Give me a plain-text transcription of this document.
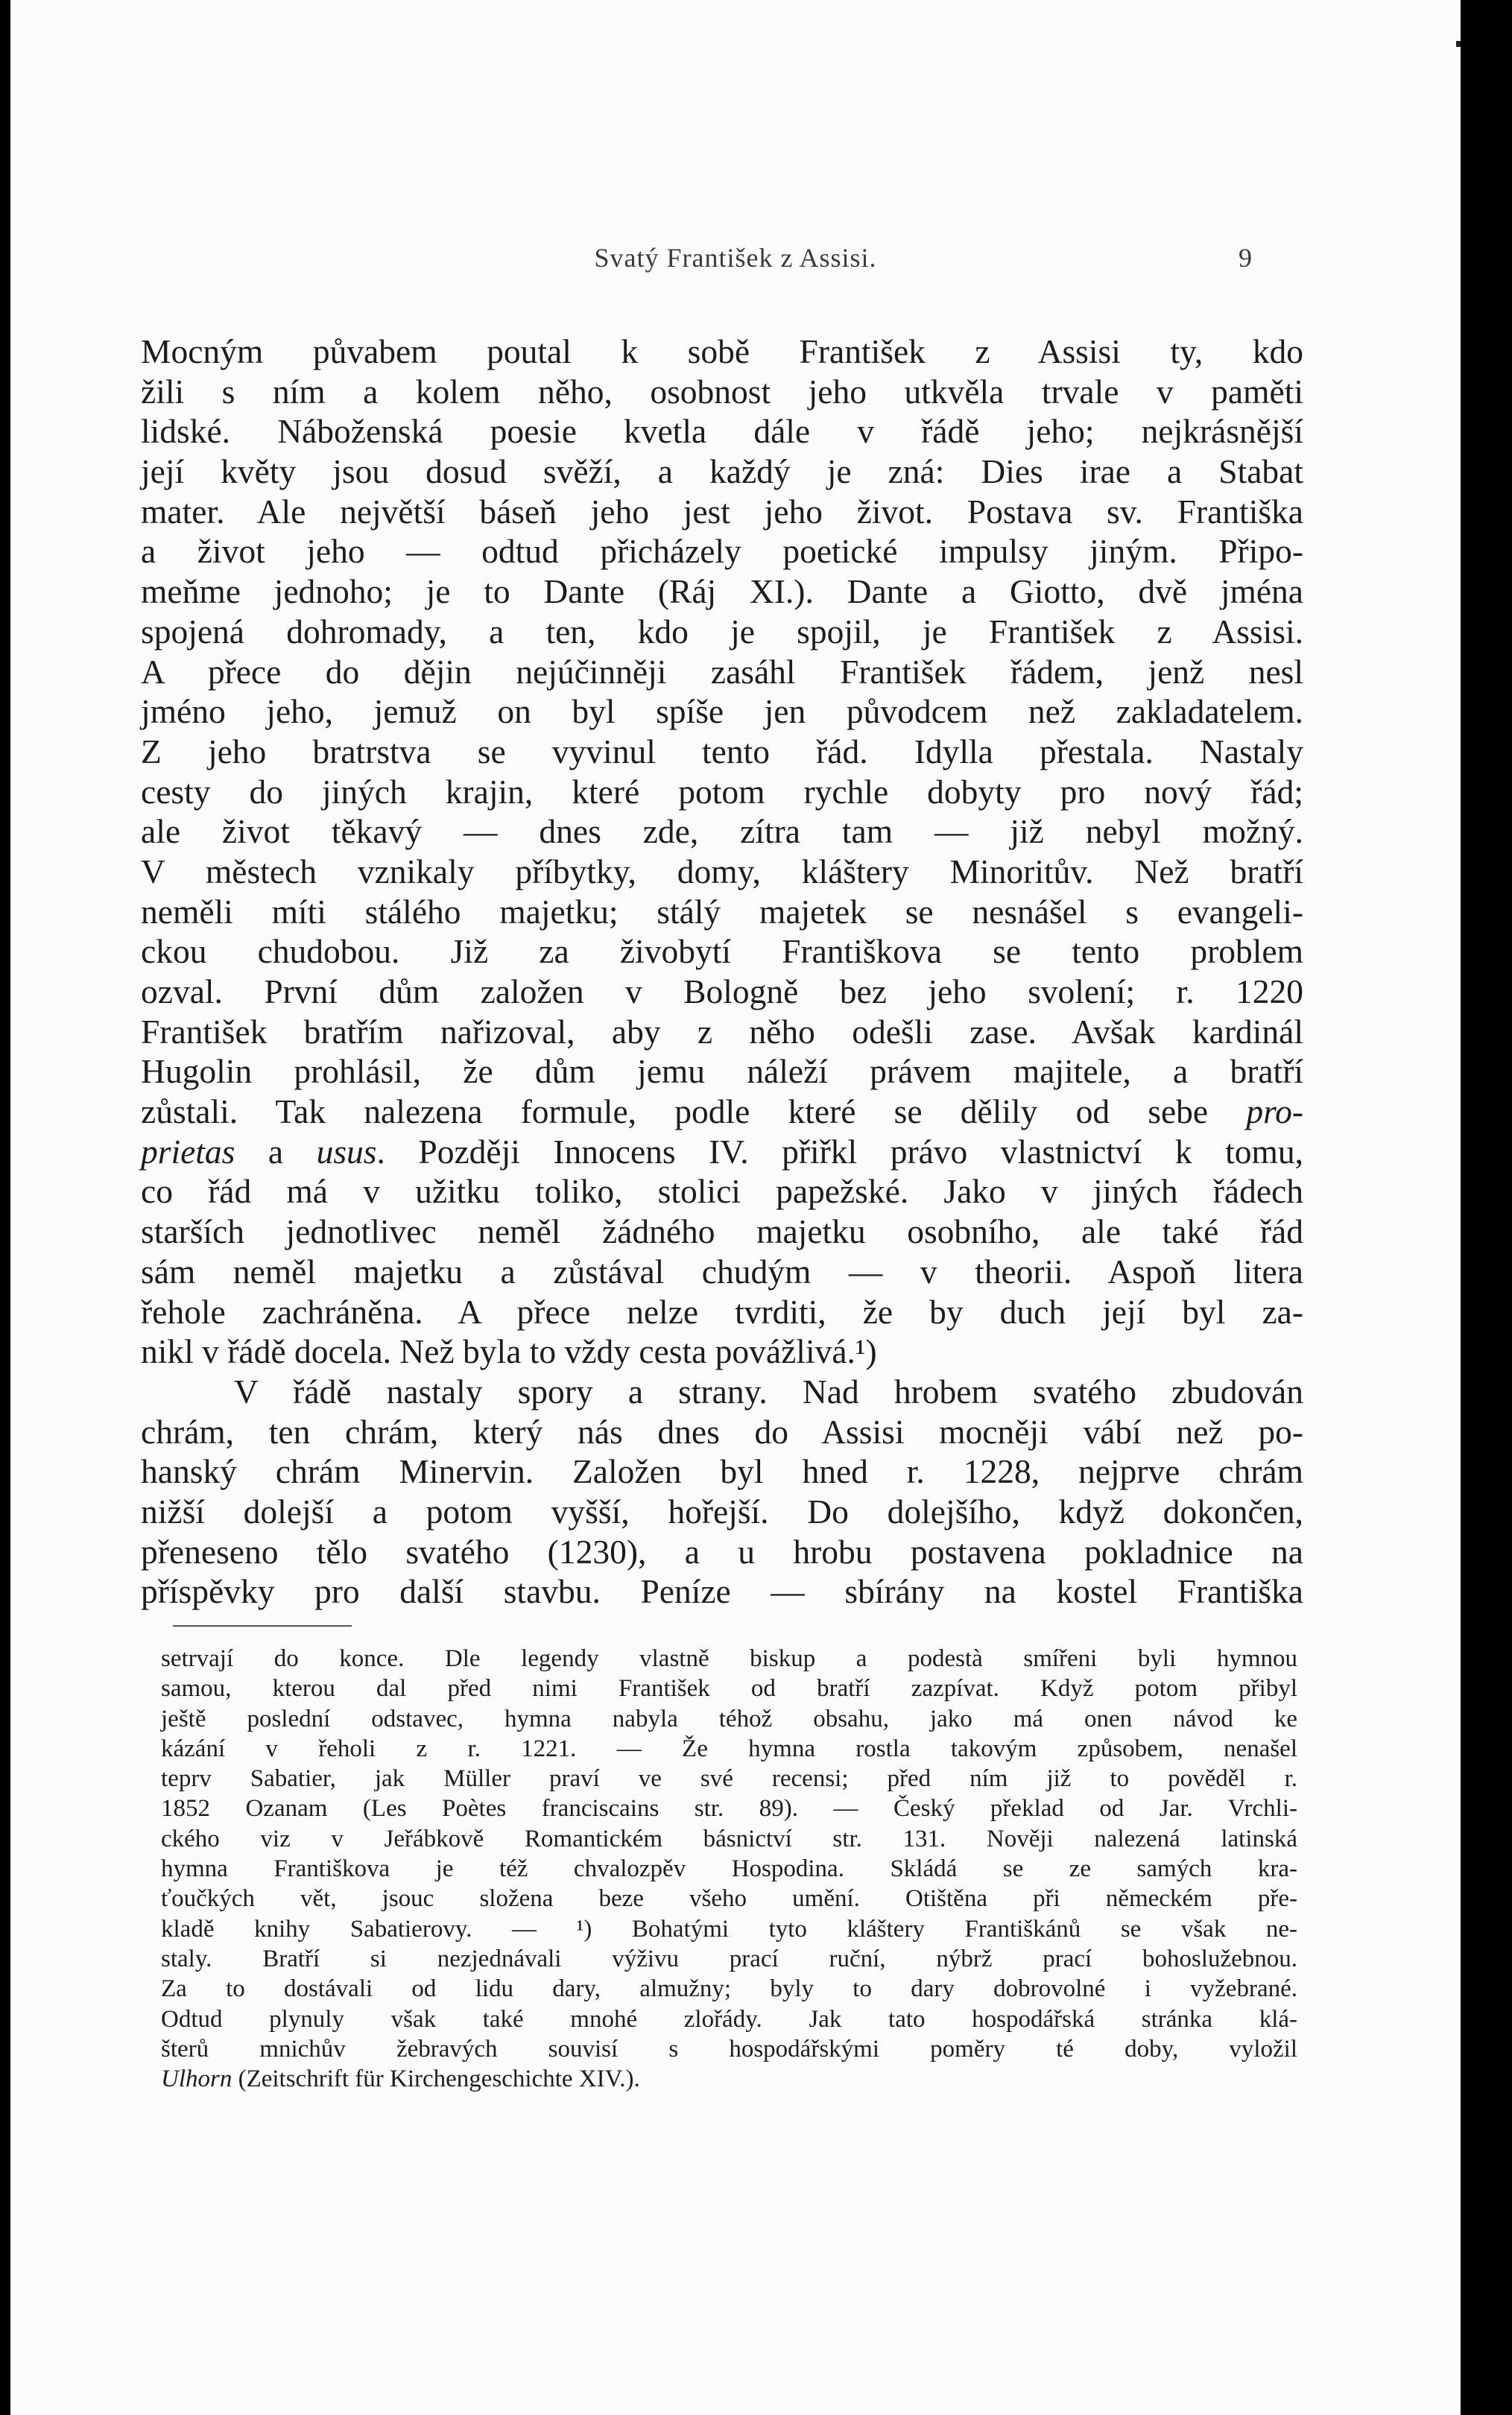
Svatý František z Assisi.	9
Mocným půvabem poutal k sobě František z Assisi ty, kdo
žili s ním a kolem něho, osobnost jeho utkvěla trvale v paměti
lidské. Náboženská poesie kvetla dále v řádě jeho; nejkrásnější
její květy jsou dosud svěží, a každý je zná: Dies irae a Stabat
mater. Ale největší báseň jeho jest jeho život. Postava sv. Františka
a život jeho — odtud přicházely poetické impulsy jiným. Připo-
meňme jednoho; je to Dante (Ráj XI.). Dante a Giotto, dvě jména
spojená dohromady, a ten, kdo je spojil, je František z Assisi.
A přece do dějin nejúčinněji zasáhl František řádem, jenž nesl
jméno jeho, jemuž on byl spíše jen původcem než zakladatelem.
Z jeho bratrstva se vyvinul tento řád. Idylla přestala. Nastaly
cesty do jiných krajin, které potom rychle dobyty pro nový řád;
ale život těkavý — dnes zde, zítra tam — již nebyl možný.
V městech vznikaly příbytky, domy, kláštery Minoritův. Než bratří
neměli míti stálého majetku; stálý majetek se nesnášel s evangeli-
ckou chudobou. Již za živobytí Františkova se tento problem
ozval. První dům založen v Bologně bez jeho svolení; r. 1220
František bratřím nařizoval, aby z něho odešli zase. Avšak kardinál
Hugolin prohlásil, že dům jemu náleží právem majitele, a bratří
zůstali. Tak nalezena formule, podle které se dělily od sebe pro-
prietas a usus. Později Innocens IV. přiřkl právo vlastnictví k tomu,
co řád má v užitku toliko, stolici papežské. Jako v jiných řádech
starších jednotlivec neměl žádného majetku osobního, ale také řád
sám neměl majetku a zůstával chudým — v theorii. Aspoň litera
řehole zachráněna. A přece nelze tvrditi, že by duch její byl za-
nikl v řádě docela. Než byla to vždy cesta povážlivá.¹)
V řádě nastaly spory a strany. Nad hrobem svatého zbudován
chrám, ten chrám, který nás dnes do Assisi mocněji vábí než po-
hanský chrám Minervin. Založen byl hned r. 1228, nejprve chrám
nižší dolejší a potom vyšší, hořejší. Do dolejšího, když dokončen,
přeneseno tělo svatého (1230), a u hrobu postavena pokladnice na
příspěvky pro další stavbu. Peníze — sbírány na kostel Františka
setrvají do konce. Dle legendy vlastně biskup a podestà smířeni byli hymnou
samou, kterou dal před nimi František od bratří zazpívat. Když potom přibyl
ještě poslední odstavec, hymna nabyla téhož obsahu, jako má onen návod ke
kázání v řeholi z r. 1221. — Že hymna rostla takovým způsobem, nenašel
teprv Sabatier, jak Müller praví ve své recensi; před ním již to pověděl r.
1852 Ozanam (Les Poètes franciscains str. 89). — Český překlad od Jar. Vrchli-
ckého viz v Jeřábkově Romantickém básnictví str. 131. Nověji nalezená latinská
hymna Františkova je též chvalozpěv Hospodina. Skládá se ze samých kra-
ťoučkých vět, jsouc složena beze všeho umění. Otištěna při německém pře-
kladě knihy Sabatierovy. — ¹) Bohatými tyto kláštery Františkánů se však ne-
staly. Bratří si nezjednávali výživu prací ruční, nýbrž prací bohoslužebnou.
Za to dostávali od lidu dary, almužny; byly to dary dobrovolné i vyžebrané.
Odtud plynuly však také mnohé zlořády. Jak tato hospodářská stránka klá-
šterů mnichův žebravých souvisí s hospodářskými poměry té doby, vyložil
Ulhorn (Zeitschrift für Kirchengeschichte XIV.).
